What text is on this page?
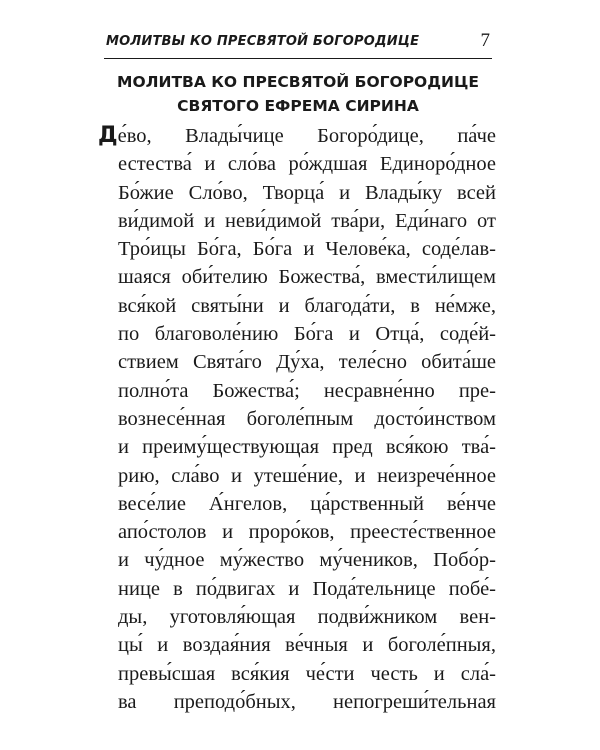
МОЛИТВЫ КО ПРЕСВЯТОЙ БОГОРОДИЦЕ	7
МОЛИТВА КО ПРЕСВЯТОЙ БОГОРОДИЦЕ
СВЯТОГО ЕФРЕМА СИРИНА
Де́во, Влады́чице Богоро́дице, па́че
естества́ и сло́ва ро́ждшая Единоро́дное
Бо́жие Сло́во, Творца́ и Влады́ку всей
ви́димой и неви́димой тва́ри, Еди́наго от
Тро́ицы Бо́га, Бо́га и Челове́ка, соде́лав-
шаяся оби́телию Божества́, вмести́лищем
вся́кой святы́ни и благода́ти, в не́мже,
по благоволе́нию Бо́га и Отца́, соде́й-
ствием Свята́го Ду́ха, теле́сно обита́ше
полно́та Божества́; несравне́нно пре-
вознесе́нная боголе́пным досто́инством
и преиму́ществующая пред вся́кою тва́-
рию, сла́во и утеше́ние, и неизрече́нное
весе́лие А́нгелов, ца́рственный ве́нче
апо́столов и проро́ков, преесте́ственное
и чу́дное му́жество му́чеников, Побо́р-
нице в по́двигах и Пода́тельнице побе́-
ды, уготовля́ющая подви́жником вен-
цы́ и воздая́ния ве́чныя и боголе́пныя,
превы́сшая вся́кия че́сти честь и сла́-
ва преподо́бных, непогреши́тельная
